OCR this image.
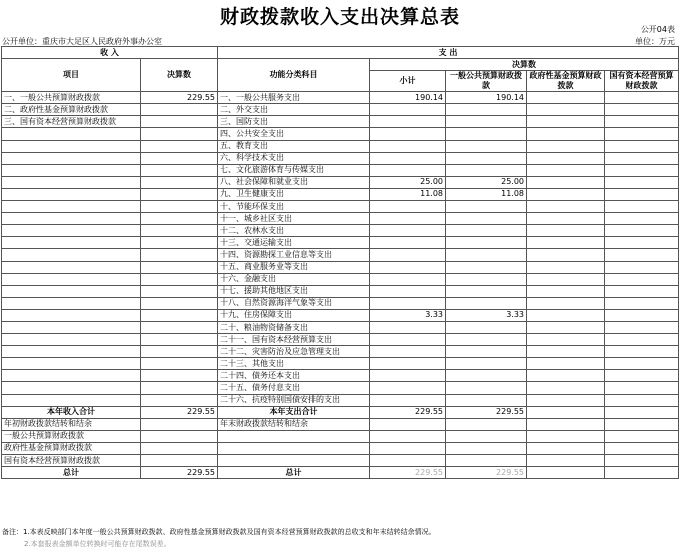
财政拨款收入支出决算总表
公开04表
公开单位：重庆市大足区人民政府外事办公室	单位：万元
收 入		支 出				
项目	决算数	功能分类科目	决算数			
			小计	一般公共预算财政拨款	政府性基金预算财政拨款	国有资本经营预算财政拨款

一、一般公共预算财政拨款	229.55	一、一般公共服务支出	190.14	190.14		
二、政府性基金预算财政拨款		二、外交支出				
三、国有资本经营预算财政拨款		三、国防支出				
		四、公共安全支出				
		五、教育支出				
		六、科学技术支出				
		七、文化旅游体育与传媒支出				
		八、社会保障和就业支出	25.00	25.00		
		九、卫生健康支出	11.08	11.08		
		十、节能环保支出				
		十一、城乡社区支出				
		十二、农林水支出				
		十三、交通运输支出				
		十四、资源勘探工业信息等支出				
		十五、商业服务业等支出				
		十六、金融支出				
		十七、援助其他地区支出				
		十八、自然资源海洋气象等支出				
		十九、住房保障支出	3.33	3.33		
		二十、粮油物资储备支出				
		二十一、国有资本经营预算支出				
		二十二、灾害防治及应急管理支出				
		二十三、其他支出				
		二十四、债务还本支出				
		二十五、债务付息支出				
		二十六、抗疫特别国债安排的支出				
本年收入合计	229.55	本年支出合计	229.55	229.55		
年初财政拨款结转和结余		年末财政拨款结转和结余				
一般公共预算财政拨款						
政府性基金预算财政拨款						
国有资本经营预算财政拨款						
总计	229.55	总计	229.55	229.55		
备注：1.本表反映部门本年度一般公共预算财政拨款、政府性基金预算财政拨款及国有资本经营预算财政拨款的总收支和年末结转结余情况。
2.本套报表金额单位转换时可能存在尾数误差。
